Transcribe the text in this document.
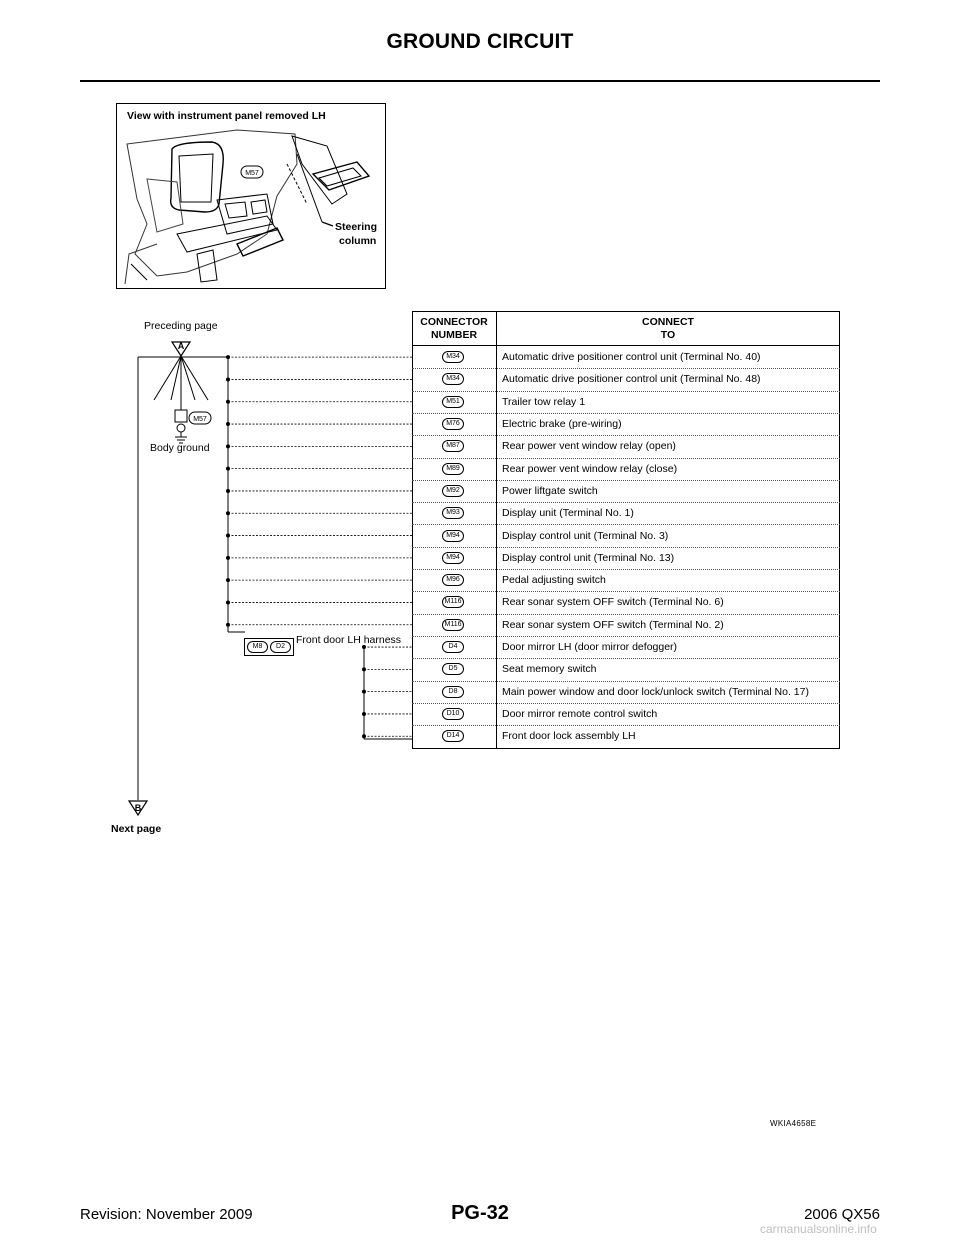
GROUND CIRCUIT
View with instrument panel removed LH
M57
Steering
column
A
B
M57
Preceding page
Body ground
Next page
M8	D2
Front door LH harness
CONNECTOR
NUMBER
CONNECT
TO
M34	Automatic drive positioner control unit (Terminal No. 40)
M34	Automatic drive positioner control unit (Terminal No. 48)
M51	Trailer tow relay 1
M76	Electric brake (pre-wiring)
M87	Rear power vent window relay (open)
M89	Rear power vent window relay (close)
M92	Power liftgate switch
M93	Display unit (Terminal No. 1)
M94	Display control unit (Terminal No. 3)
M94	Display control unit (Terminal No. 13)
M96	Pedal adjusting switch
M116	Rear sonar system OFF switch (Terminal No. 6)
M116	Rear sonar system OFF switch (Terminal No. 2)
D4	Door mirror LH (door mirror defogger)
D5	Seat memory switch
D8	Main power window and door lock/unlock switch (Terminal No. 17)
D10	Door mirror remote control switch
D14	Front door lock assembly LH
WKIA4658E
Revision: November 2009	PG-32	2006 QX56
carmanualsonline.info
